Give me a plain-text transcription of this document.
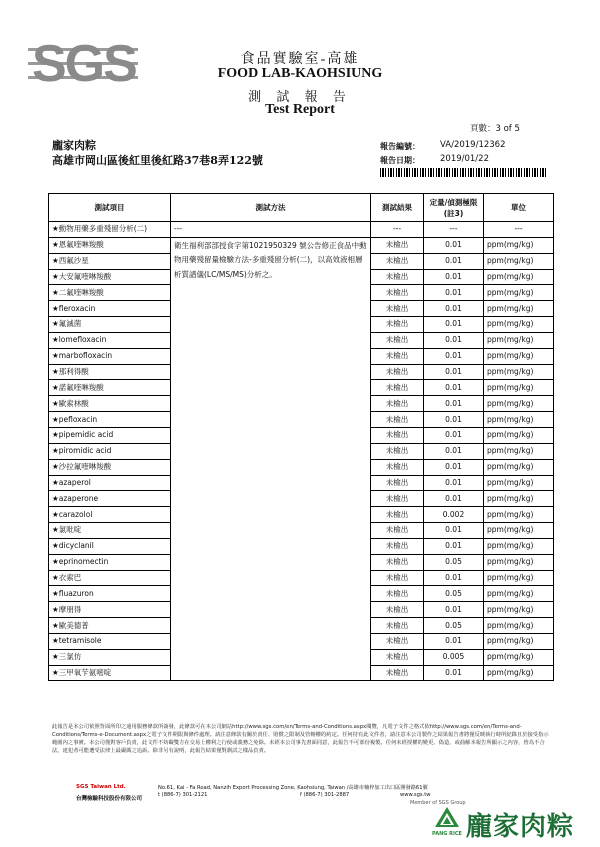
SGS	食品實驗室-高雄
FOOD LAB-KAOHSIUNG
測 試 報 告
Test Report
頁數：3 of 5
龐家肉粽
高雄市岡山區後紅里後紅路37巷8弄122號
報告編號： VA/2019/12362
報告日期： 2019/01/22
測試項目	測試方法	測試結果	定量/偵測極限(註3)	單位
★動物用藥多重殘留分析(二)	---	---	---	---
★恩氟喹啉羧酸	衛生福利部部授食字第1021950329 號公告修正食品中動物用藥殘留量檢驗方法-多重殘留分析(二)，以高效液相層析質譜儀(LC/MS/MS)分析之。	未檢出	0.01	ppm(mg/kg)
★西氟沙星		未檢出	0.01	ppm(mg/kg)
★大安氟喹啉羧酸		未檢出	0.01	ppm(mg/kg)
★二氟喹啉羧酸		未檢出	0.01	ppm(mg/kg)
★fleroxacin		未檢出	0.01	ppm(mg/kg)
★氟滅菌		未檢出	0.01	ppm(mg/kg)
★lomefloxacin		未檢出	0.01	ppm(mg/kg)
★marbofloxacin		未檢出	0.01	ppm(mg/kg)
★那利得酸		未檢出	0.01	ppm(mg/kg)
★諾氟喹啉羧酸		未檢出	0.01	ppm(mg/kg)
★歐索林酸		未檢出	0.01	ppm(mg/kg)
★pefloxacin		未檢出	0.01	ppm(mg/kg)
★pipemidic acid		未檢出	0.01	ppm(mg/kg)
★piromidic acid		未檢出	0.01	ppm(mg/kg)
★沙拉氟喹啉羧酸		未檢出	0.01	ppm(mg/kg)
★azaperol		未檢出	0.01	ppm(mg/kg)
★azaperone		未檢出	0.01	ppm(mg/kg)
★carazolol		未檢出	0.002	ppm(mg/kg)
★氯吡啶		未檢出	0.01	ppm(mg/kg)
★dicyclanil		未檢出	0.01	ppm(mg/kg)
★eprinomectin		未檢出	0.05	ppm(mg/kg)
★衣索巴		未檢出	0.01	ppm(mg/kg)
★fluazuron		未檢出	0.05	ppm(mg/kg)
★摩朋得		未檢出	0.01	ppm(mg/kg)
★歐美德普		未檢出	0.05	ppm(mg/kg)
★tetramisole		未檢出	0.01	ppm(mg/kg)
★三氯仿		未檢出	0.005	ppm(mg/kg)
★三甲氧苄氨嘧啶		未檢出	0.01	ppm(mg/kg)
此報告是本公司依照背面所印之通用服務條款所簽發，此條款可在本公司網站http://www.sgs.com/en/Terms-and-Conditions.aspx閱覽，凡電子文件之格式依http://www.sgs.com/en/Terms-and-Conditions/Terms-e-Document.aspx之電子文件期限與條件處理。請注意條款有關於責任、賠償之限制及管轄權的約定。任何持有此文件者，請注意本公司製作之結果報告書將僅反映執行時所紀錄且於接受指示範圍內之事實。本公司僅對客戶負責，此文件不妨礙雙方在交易上權利之行使或義務之免除。未經本公司事先書面同意，此報告不可部份複製。任何未經授權的變更、偽造、或曲解本報告所顯示之內容，皆為不合法，違犯者可能遭受法律上最嚴厲之追訴。除非另有說明，此報告結果僅對測試之樣品負責。
SGS Taiwan Ltd.
台灣檢驗科技股份有限公司
No.61, Kai - Fa Road, Nanzih Export Processing Zone, Kaohsiung, Taiwan /高雄市楠梓加工出口區開發路61號
t (886-7) 301-2121	f (886-7) 301-2887	www.sgs.tw
Member of SGS Group
PANG RICE 龐家肉粽
